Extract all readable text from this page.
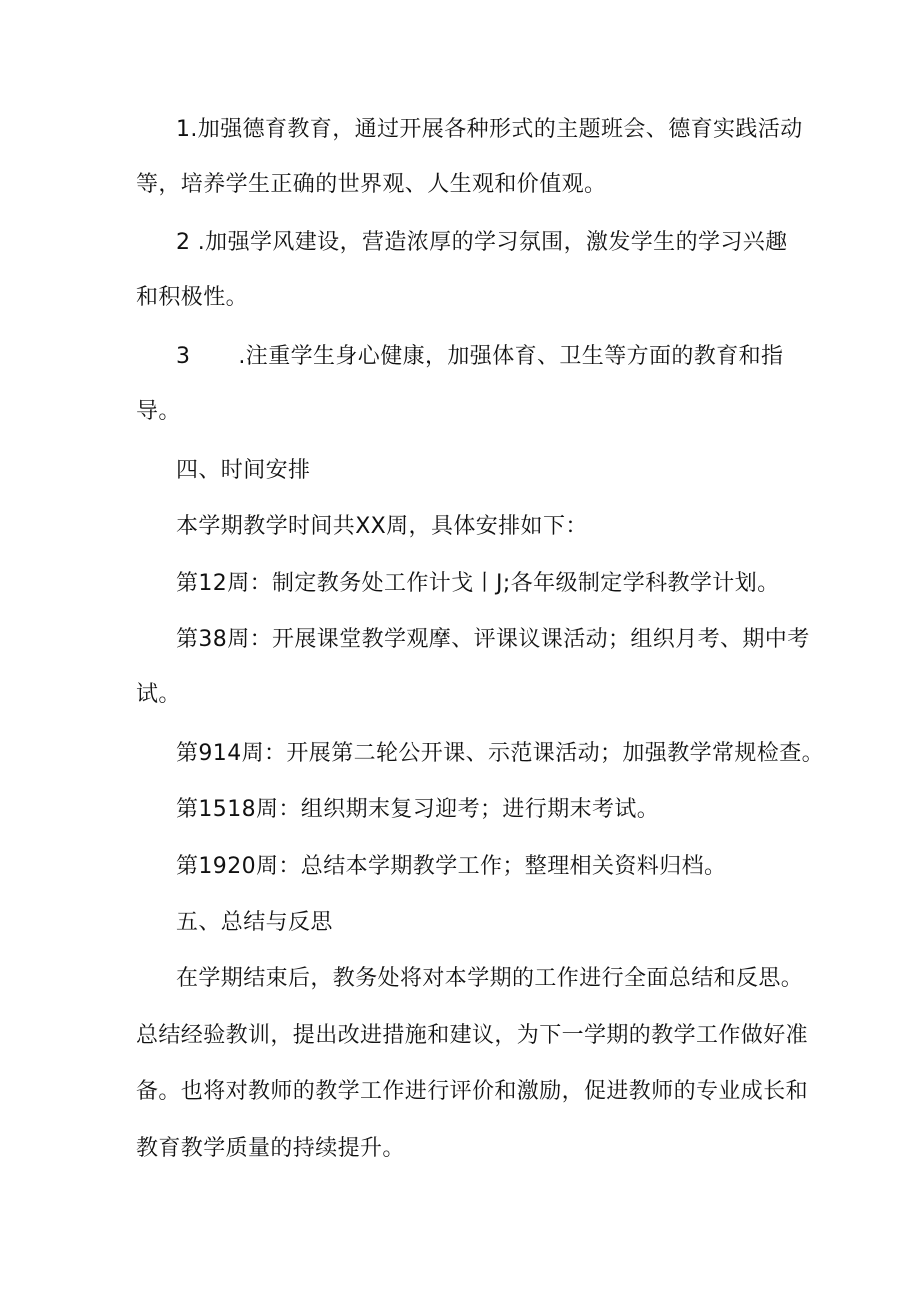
1.加强德育教育，通过开展各种形式的主题班会、德育实践活动

等，培养学生正确的世界观、人生观和价值观。

2 .加强学风建设，营造浓厚的学习氛围，激发学生的学习兴趣

和积极性。

3 .注重学生身心健康，加强体育、卫生等方面的教育和指

导。

四、时间安排

本学期教学时间共XX周，具体安排如下：

第12周：制定教务处工作计戈丨J;各年级制定学科教学计划。

第38周：开展课堂教学观摩、评课议课活动；组织月考、期中考

试。

第914周：开展第二轮公开课、示范课活动；加强教学常规检查。

第1518周：组织期末复习迎考；进行期末考试。

第1920周：总结本学期教学工作；整理相关资料归档。

五、总结与反思

在学期结束后，教务处将对本学期的工作进行全面总结和反思。

总结经验教训，提出改进措施和建议，为下一学期的教学工作做好准

备。也将对教师的教学工作进行评价和激励，促进教师的专业成长和

教育教学质量的持续提升。
